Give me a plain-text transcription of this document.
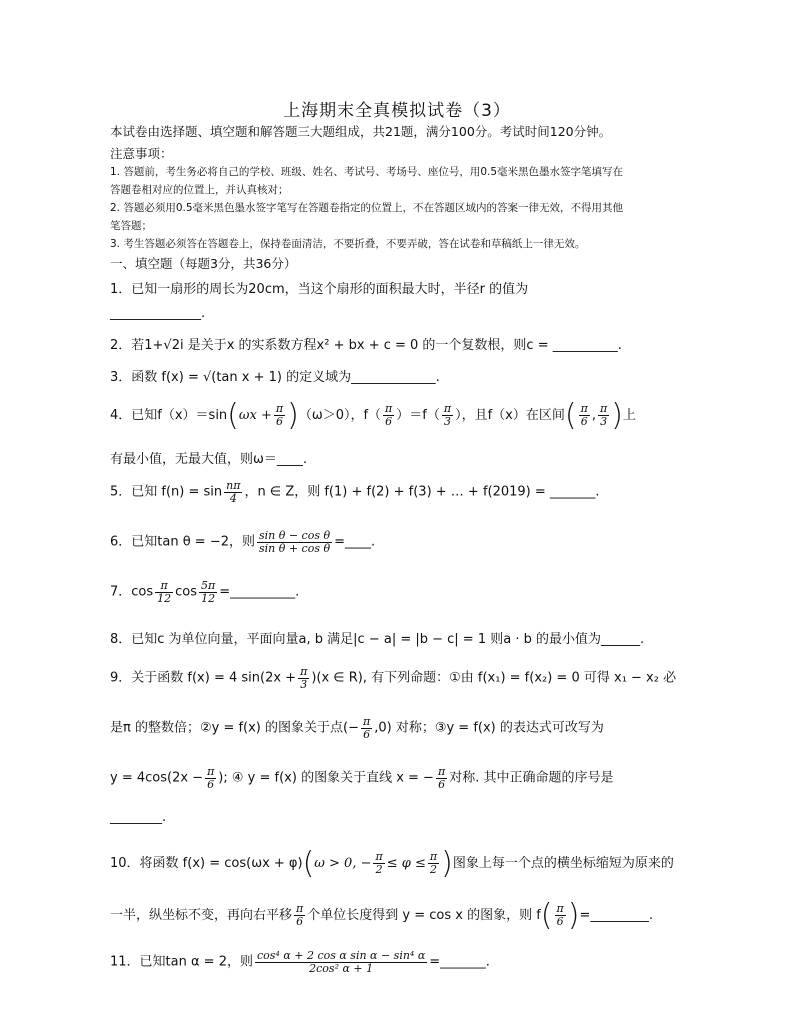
上海期末全真模拟试卷（3）
本试卷由选择题、填空题和解答题三大题组成，共21题，满分100分。考试时间120分钟。
注意事项：
1. 答题前，考生务必将自己的学校、班级、姓名、考试号、考场号、座位号，用0.5毫米黑色墨水签字笔填写在
答题卷相对应的位置上，并认真核对；
2. 答题必须用0.5毫米黑色墨水签字笔写在答题卷指定的位置上，不在答题区域内的答案一律无效，不得用其他
笔答题；
3. 考生答题必须答在答题卷上，保持卷面清洁，不要折叠，不要弄破，答在试卷和草稿纸上一律无效。
一、填空题（每题3分，共36分）
1．已知一扇形的周长为20cm，当这个扇形的面积最大时，半径r 的值为
______________.
2．若1+√2i 是关于x 的实系数方程x² + bx + c = 0 的一个复数根，则c = __________.
3．函数 f(x) = √(tan x + 1) 的定义域为_____________.
4．已知$f(x)=\sin(\omega x + \frac{\pi}{6} )(\omega>0)$，$f( \frac{\pi}{6} )=f( \frac{\pi}{3}$ ），且f（x）在区间( $\frac{\pi}{6}$ , $\frac{\pi}{3}$ )上
有最小值，无最大值，则ω＝____.
5．已知 $f(n) = \sin \frac{n\pi}{4}$ ，n ∈ Z，则 f(1) + f(2) + f(3) + … + f(2019) = _______.
6．已知tan θ = −2，则 $\frac{\text{sin θ − cos θ}}{\text{sin θ + cos θ}}$ =____.
7．$\cos \frac{\pi}{12}$ $\cos \frac{5\pi}{12}$ =__________.
8．已知c 为单位向量，平面向量a, b 满足|c − a| = |b − c| = 1 则a · b 的最小值为______.
9．关于函数 f(x) = 4 $\sin(2x + \frac{\pi}{3} )(x$ ∈ R), 有下列命题：①由 f(x₁) = f(x₂) = 0 可得 x₁ − x₂ 必
是π 的整数倍；②y = f(x) 的图象关于点(− $\frac{\pi}{6} ,0$) 对称；③y = f(x) 的表达式可改写为
$y = 4\cos(2x - \frac{\pi}{6}$ ); ④ y = f(x) 的图象关于直线 x = − $\frac{\pi}{6}$ 对称. 其中正确命题的序号是
________.
10．将函数 f(x) = cos(ωx + φ)(ω > 0, − $\frac{\pi}{2} \le \varphi \le \frac{\pi}{2}$ )图象上每一个点的横坐标缩短为原来的
一半，纵坐标不变，再向右平移 $\frac{\pi}{6}$ 个单位长度得到 y = cos x 的图象，则 $f( \frac{\pi}{6}$ )=_________.
11．已知tan α = 2，则 $\frac{\text{cos⁴ α + 2 cos α sin α − sin⁴ α}}{\text{2cos² α + 1}}$ =_______.
